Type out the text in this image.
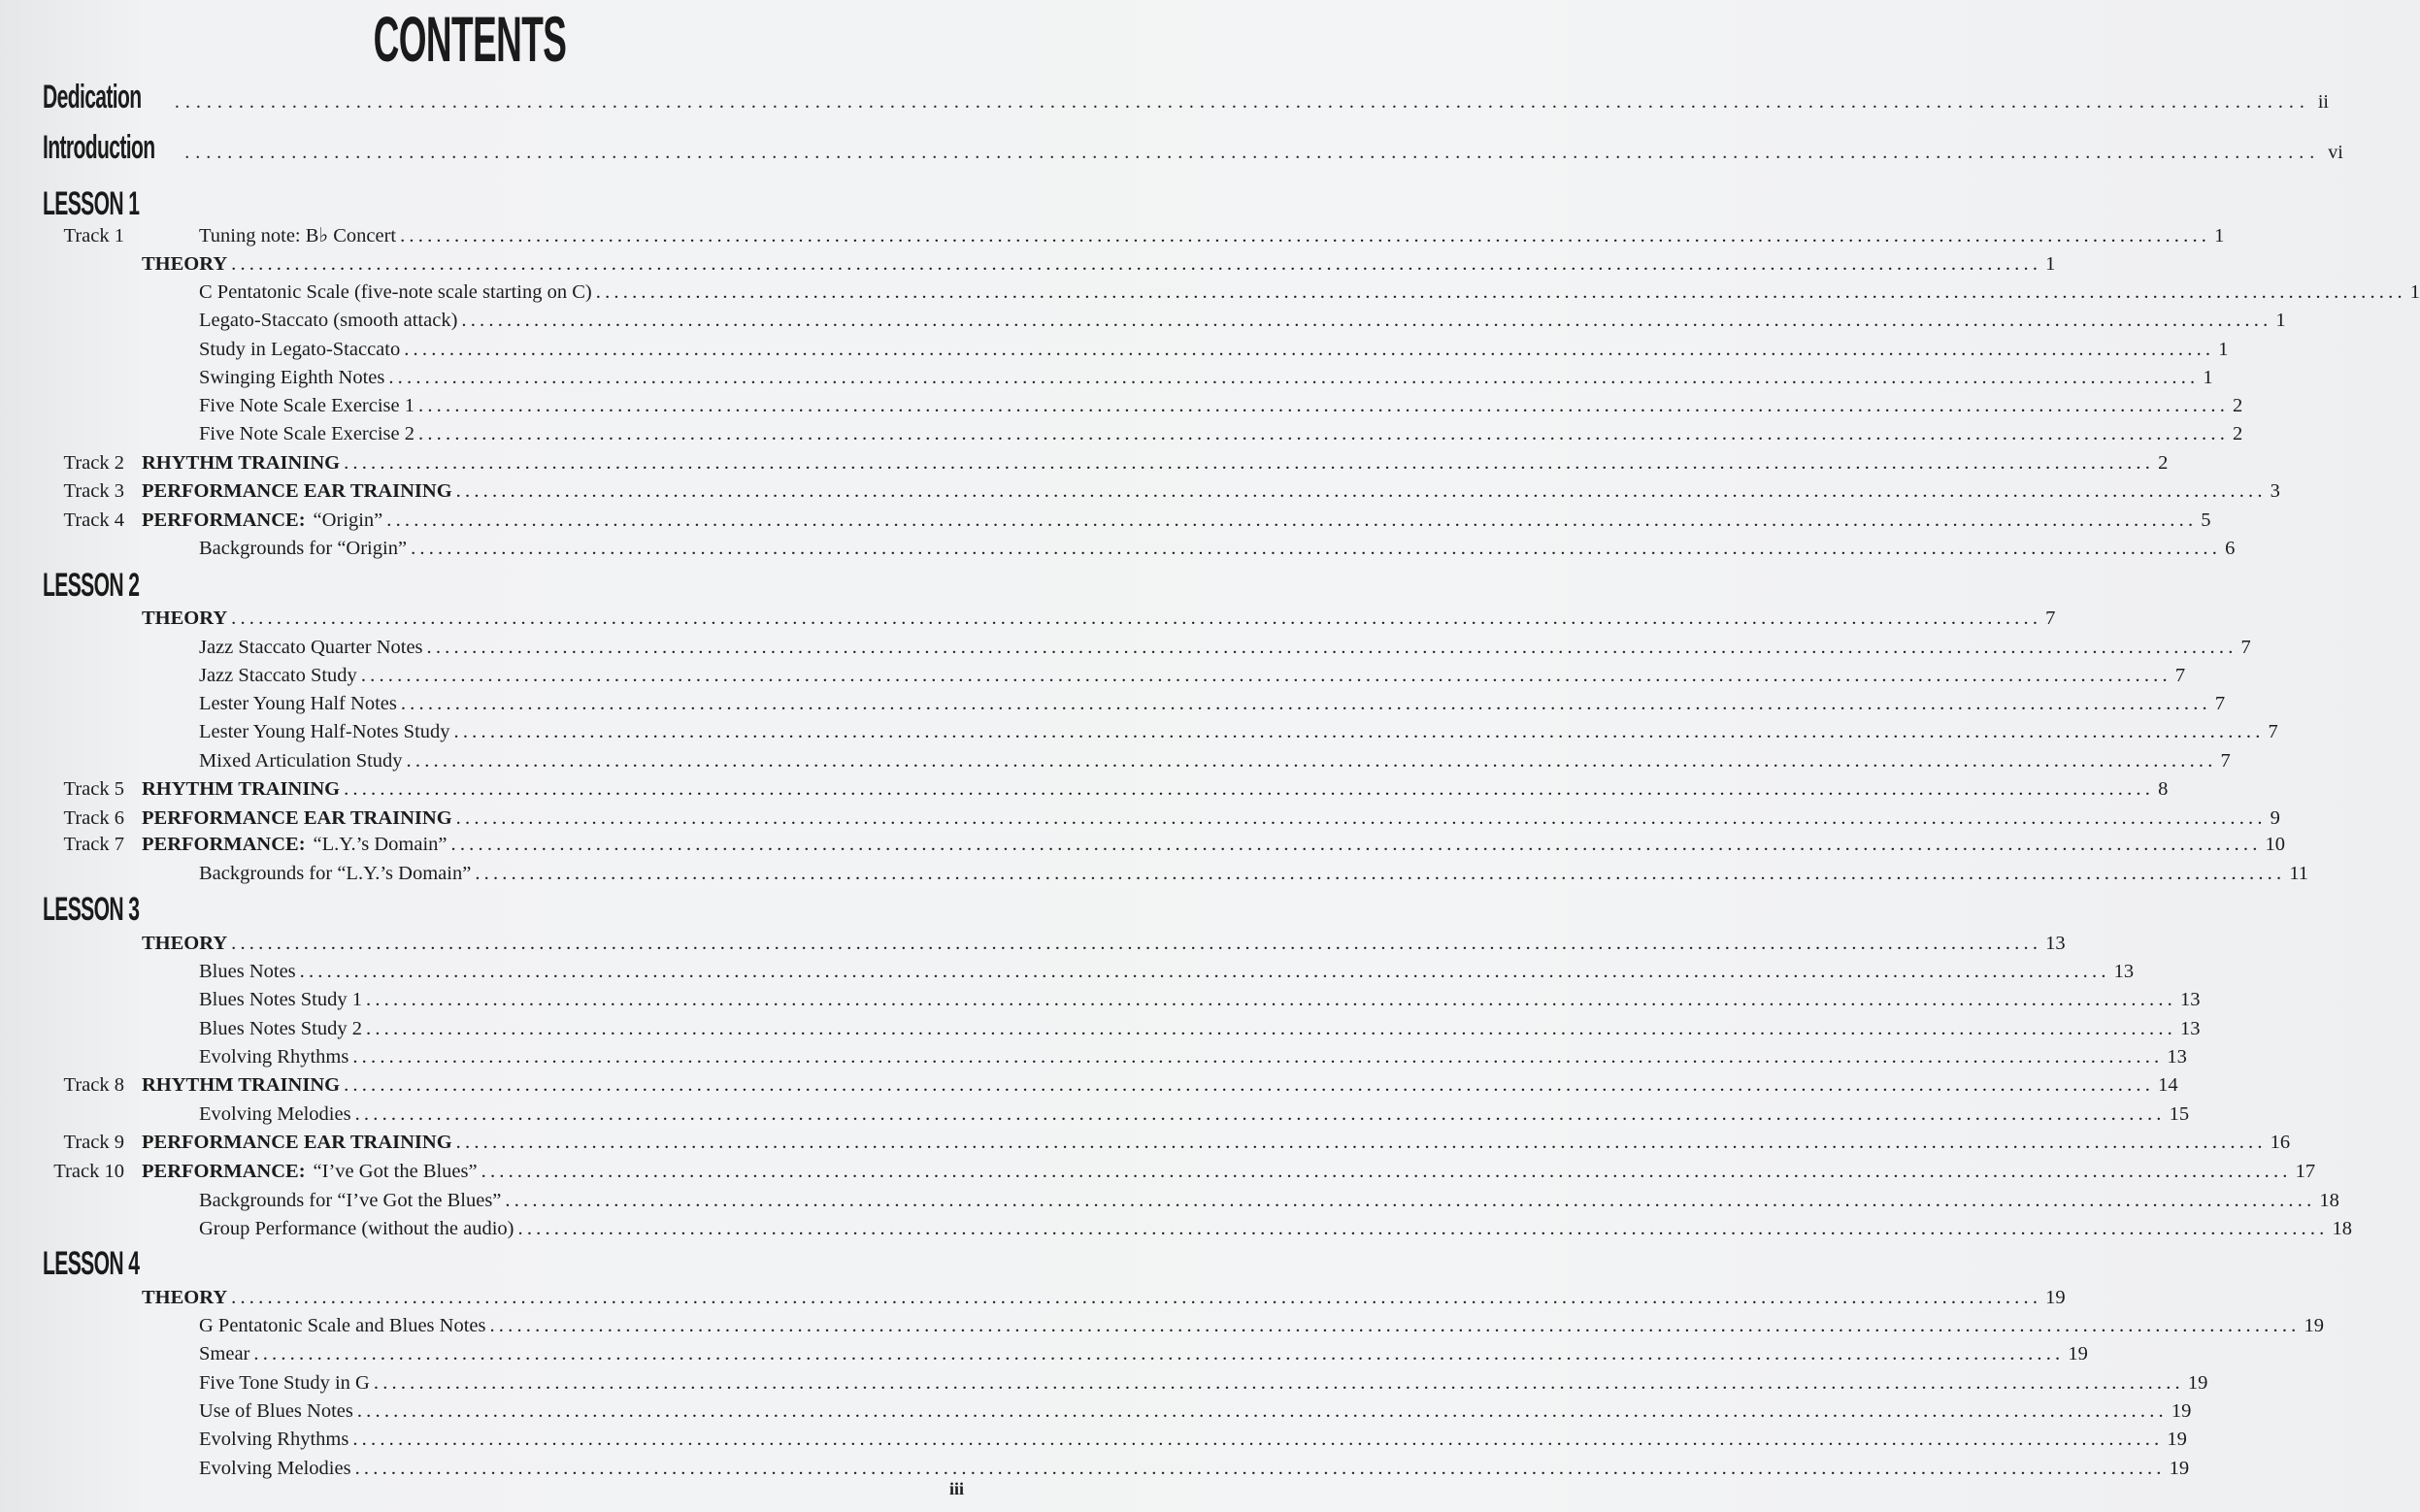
CONTENTS
Dedication ........................................................................................................................................................................................................ ii
Introduction ........................................................................................................................................................................................................ vi
LESSON 1
LESSON 2
LESSON 3
LESSON 4
Track 1	Tuning note: B♭ Concert ........................................................................................................................................................................................................ 1
THEORY ........................................................................................................................................................................................................ 1
C Pentatonic Scale (five-note scale starting on C) ........................................................................................................................................................................................................ 1
Legato-Staccato (smooth attack) ........................................................................................................................................................................................................ 1
Study in Legato-Staccato ........................................................................................................................................................................................................ 1
Swinging Eighth Notes ........................................................................................................................................................................................................ 1
Five Note Scale Exercise 1 ........................................................................................................................................................................................................ 2
Five Note Scale Exercise 2 ........................................................................................................................................................................................................ 2
Track 2 RHYTHM TRAINING ........................................................................................................................................................................................................ 2
Track 3 PERFORMANCE EAR TRAINING ........................................................................................................................................................................................................ 3
Track 4 PERFORMANCE: “Origin” ........................................................................................................................................................................................................ 5
Backgrounds for “Origin” ........................................................................................................................................................................................................ 6
THEORY ........................................................................................................................................................................................................ 7
Jazz Staccato Quarter Notes ........................................................................................................................................................................................................ 7
Jazz Staccato Study ........................................................................................................................................................................................................ 7
Lester Young Half Notes ........................................................................................................................................................................................................ 7
Lester Young Half-Notes Study ........................................................................................................................................................................................................ 7
Mixed Articulation Study ........................................................................................................................................................................................................ 7
Track 5 RHYTHM TRAINING ........................................................................................................................................................................................................ 8
Track 6 PERFORMANCE EAR TRAINING ........................................................................................................................................................................................................ 9
Track 7 PERFORMANCE: “L.Y.’s Domain” ........................................................................................................................................................................................................ 10
Backgrounds for “L.Y.’s Domain” ........................................................................................................................................................................................................ 11
THEORY ........................................................................................................................................................................................................ 13
Blues Notes ........................................................................................................................................................................................................ 13
Blues Notes Study 1 ........................................................................................................................................................................................................ 13
Blues Notes Study 2 ........................................................................................................................................................................................................ 13
Evolving Rhythms ........................................................................................................................................................................................................ 13
Track 8 RHYTHM TRAINING ........................................................................................................................................................................................................ 14
Evolving Melodies ........................................................................................................................................................................................................ 15
Track 9 PERFORMANCE EAR TRAINING ........................................................................................................................................................................................................ 16
Track 10 PERFORMANCE: “I’ve Got the Blues” ........................................................................................................................................................................................................ 17
Backgrounds for “I’ve Got the Blues” ........................................................................................................................................................................................................ 18
Group Performance (without the audio) ........................................................................................................................................................................................................ 18
THEORY ........................................................................................................................................................................................................ 19
G Pentatonic Scale and Blues Notes ........................................................................................................................................................................................................ 19
Smear ........................................................................................................................................................................................................ 19
Five Tone Study in G ........................................................................................................................................................................................................ 19
Use of Blues Notes ........................................................................................................................................................................................................ 19
Evolving Rhythms ........................................................................................................................................................................................................ 19
Evolving Melodies ........................................................................................................................................................................................................ 19
iii
